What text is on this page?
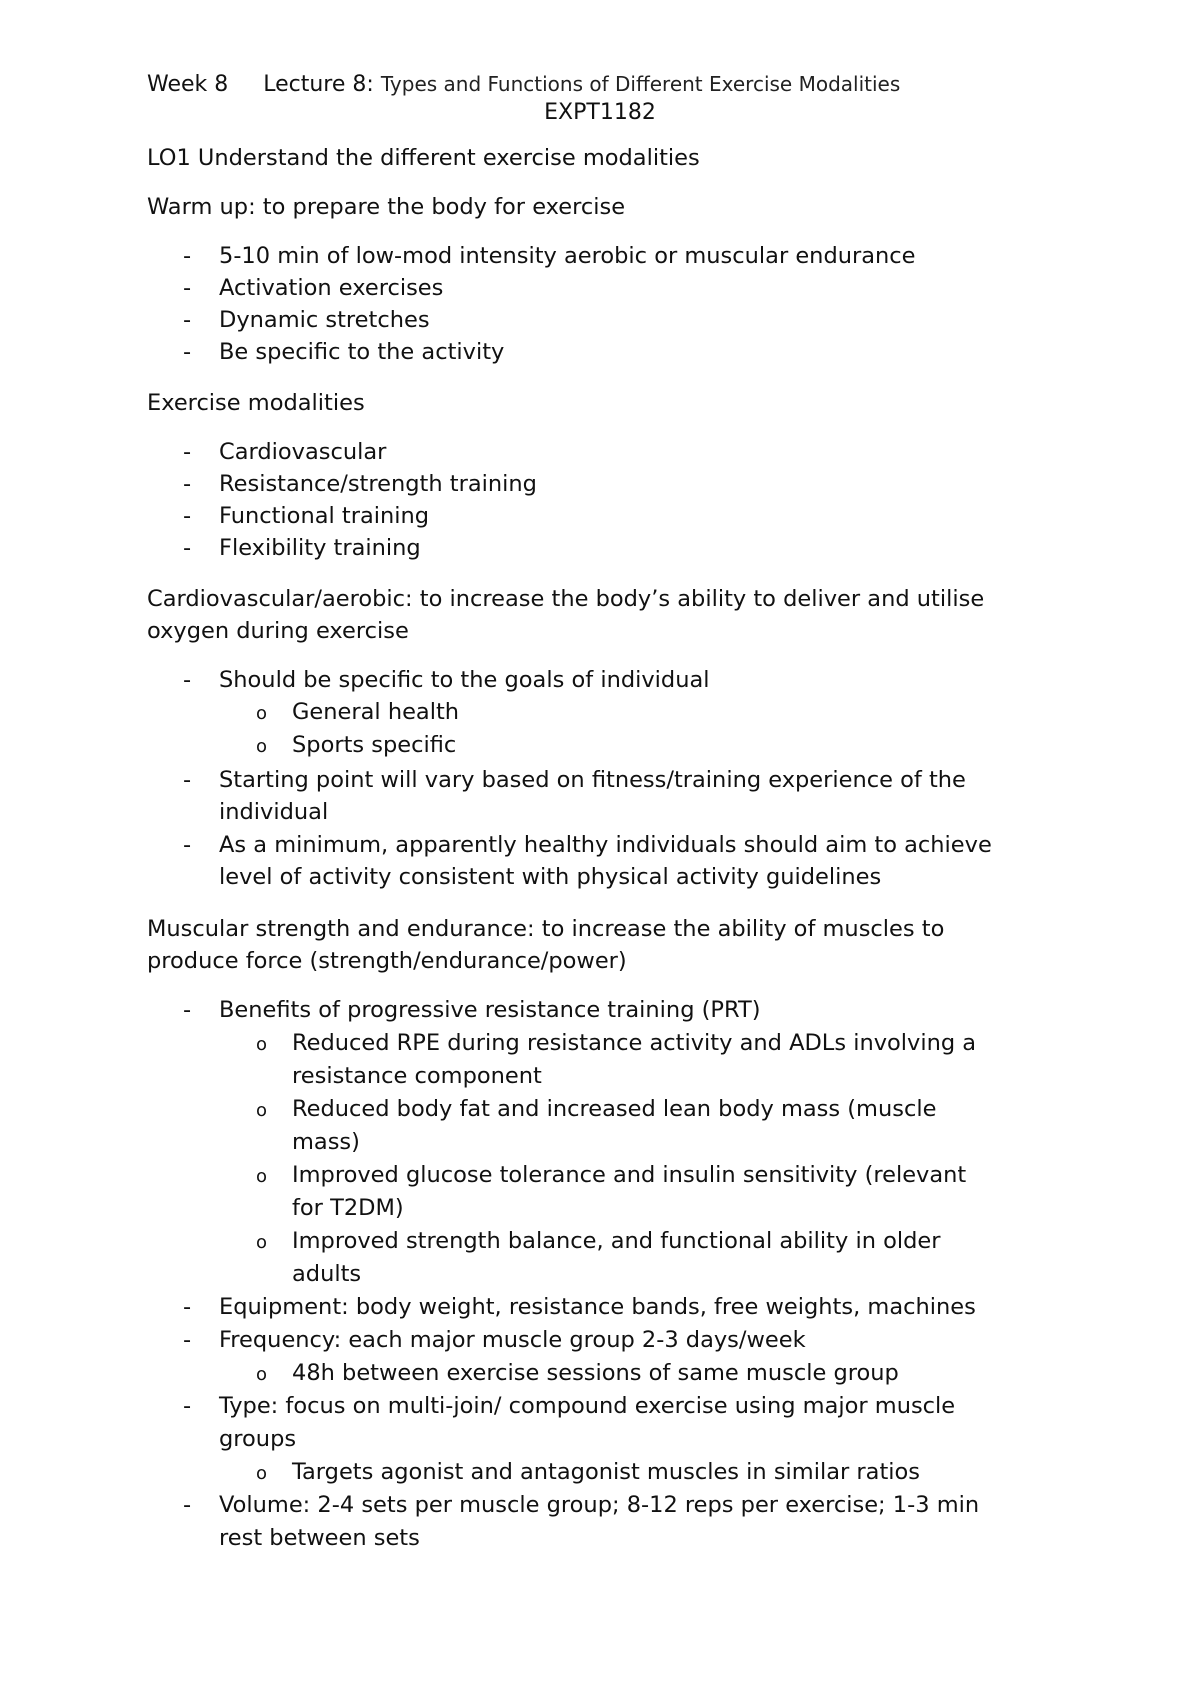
Week 8 Lecture 8: Types and Functions of Different Exercise Modalities
EXPT1182
LO1 Understand the different exercise modalities
Warm up: to prepare the body for exercise
- 5-10 min of low-mod intensity aerobic or muscular endurance
- Activation exercises
- Dynamic stretches
- Be specific to the activity
Exercise modalities
- Cardiovascular
- Resistance/strength training
- Functional training
- Flexibility training
Cardiovascular/aerobic: to increase the body’s ability to deliver and utilise
oxygen during exercise
- Should be specific to the goals of individual
o General health
o Sports specific
- Starting point will vary based on fitness/training experience of the
individual
- As a minimum, apparently healthy individuals should aim to achieve
level of activity consistent with physical activity guidelines
Muscular strength and endurance: to increase the ability of muscles to
produce force (strength/endurance/power)
- Benefits of progressive resistance training (PRT)
o Reduced RPE during resistance activity and ADLs involving a
resistance component
o Reduced body fat and increased lean body mass (muscle
mass)
o Improved glucose tolerance and insulin sensitivity (relevant
for T2DM)
o Improved strength balance, and functional ability in older
adults
- Equipment: body weight, resistance bands, free weights, machines
- Frequency: each major muscle group 2-3 days/week
o 48h between exercise sessions of same muscle group
- Type: focus on multi-join/ compound exercise using major muscle
groups
o Targets agonist and antagonist muscles in similar ratios
- Volume: 2-4 sets per muscle group; 8-12 reps per exercise; 1-3 min
rest between sets
